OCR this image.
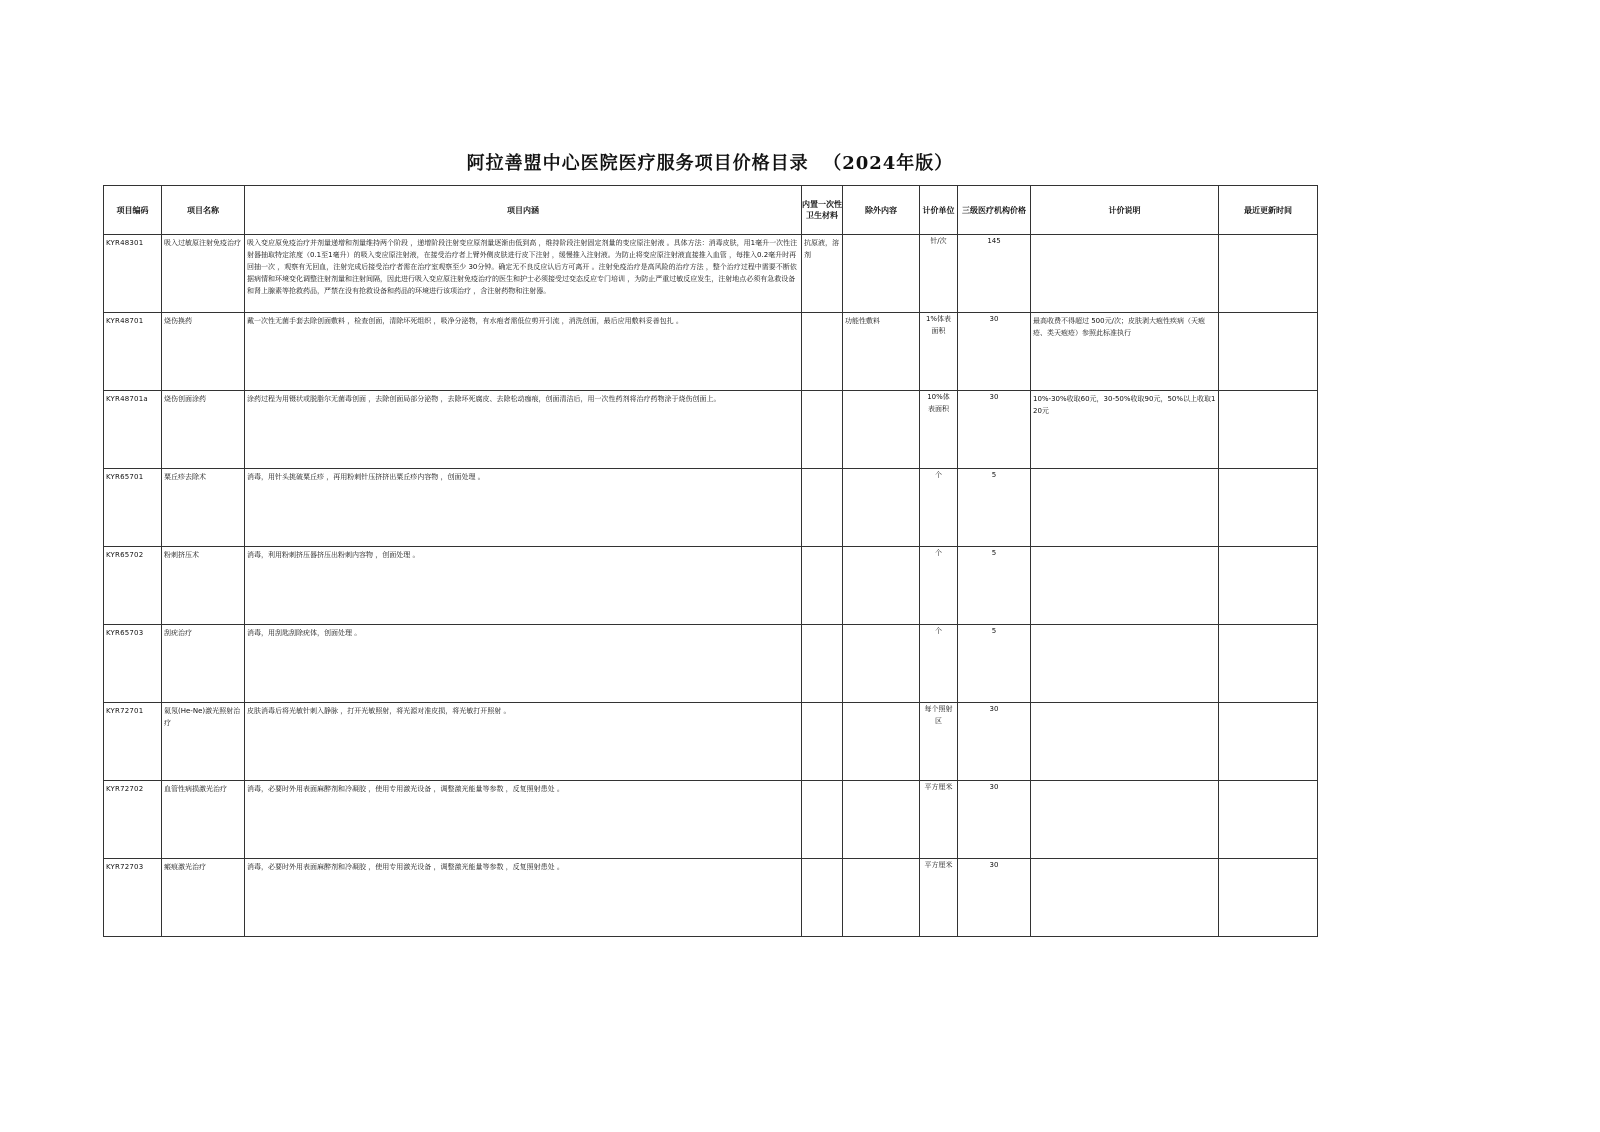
阿拉善盟中心医院医疗服务项目价格目录  （2024年版）
项目编码	项目名称	项目内涵	内置一次性卫生材料	除外内容	计价单位	三级医疗机构价格	计价说明	最近更新时间

KYR48301	吸入过敏原注射免疫治疗	吸入变应原免疫治疗并剂量递增和剂量维持两个阶段 ，递增阶段注射变应原剂量逐渐由低到高 ，维持阶段注射固定剂量的变应原注射液 。具体方法：消毒皮肤，用1毫升一次性注射器抽取特定浓度（0.1至1毫升）的吸入变应原注射液，在接受治疗者上臂外侧皮肤进行皮下注射 ，缓慢推入注射液。为防止将变应原注射液直接推入血管 ，每推入0.2毫升时再回抽一次 ，观察有无回血，注射完成后接受治疗者需在治疗室观察至少 30分钟。确定无不良反应认后方可离开 。注射免疫治疗是高风险的治疗方法 ，整个治疗过程中需要不断依据病情和环境变化调整注射剂量和注射间隔，因此进行吸入变应原注射免疫治疗的医生和护士必须接受过变态反应专门培训 ，为防止严重过敏反应发生，注射地点必须有急救设备和肾上腺素等抢救药品，严禁在没有抢救设备和药品的环境进行该项治疗 ，含注射药物和注射器。	抗原液，溶剂		针/次	145		

KYR48701	烧伤换药	戴一次性无菌手套去除创面敷料 ，检查创面，清除坏死组织 ，吸净分泌物，有水疱者需低位剪开引流 ，消洗创面，最后应用敷料妥善包扎 。		功能性敷料	1%体表面积	30	最高收费不得超过 500元/次；皮肤剥大疱性疾病（天疱疮、类天疱疮）参照此标准执行	

KYR48701a	烧伤创面涂药	涂药过程为用镊状或脱脂尔无菌毒创面 ，去除创面局部分泌物 ，去除坏死腐皮、去除松动痂痕，创面清洁后，用一次性药剂将治疗药物涂于烧伤创面上。			10%体表面积	30	10%-30%收取60元，30-50%收取90元，50%以上收取120元	

KYR65701	粟丘疹去除术	消毒，用针头挑破粟丘疹 ，再用粉刺针压挤挤出粟丘疹内容物 ，创面处理 。			个	5		

KYR65702	粉刺挤压术	消毒，利用粉刺挤压器挤压出粉刺内容物 ，创面处理 。			个	5		

KYR65703	刮疣治疗	消毒，用刮匙刮除疣体，创面处理 。			个	5		

KYR72701	氦氖(He-Ne)激光照射治疗	皮肤消毒后将光敏针刺入静脉 ，打开光敏照射，将光源对准皮损，将光敏打开照射 。			每个照射区	30		

KYR72702	血管性病损激光治疗	消毒，必要时外用表面麻醉剂和冷凝胶 ，使用专用激光设备 ，调整激光能量等参数 ，反复照射患处 。			平方厘米	30		

KYR72703	瘢痕激光治疗	消毒，必要时外用表面麻醉剂和冷凝胶 ，使用专用激光设备 ，调整激光能量等参数 ，反复照射患处 。			平方厘米	30		
